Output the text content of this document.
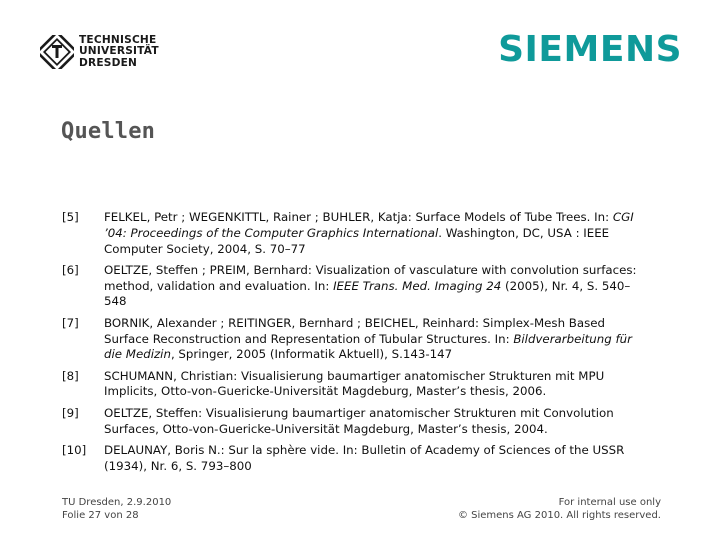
TECHNISCHE
UNIVERSITÄT
DRESDEN	SIEMENS
Quellen
[5]	FELKEL, Petr ; WEGENKITTL, Rainer ; BUHLER, Katja: Surface Models of Tube Trees. In: CGI ’04: Proceedings of the Computer Graphics International. Washington, DC, USA : IEEE Computer Society, 2004, S. 70–77
[6]	OELTZE, Steffen ; PREIM, Bernhard: Visualization of vasculature with convolution surfaces: method, validation and evaluation. In: IEEE Trans. Med. Imaging 24 (2005), Nr. 4, S. 540–548
[7]	BORNIK, Alexander ; REITINGER, Bernhard ; BEICHEL, Reinhard: Simplex-Mesh Based Surface Reconstruction and Representation of Tubular Structures. In: Bildverarbeitung für die Medizin, Springer, 2005 (Informatik Aktuell), S.143-147
[8]	SCHUMANN, Christian: Visualisierung baumartiger anatomischer Strukturen mit MPU Implicits, Otto-von-Guericke-Universität Magdeburg, Master’s thesis, 2006.
[9]	OELTZE, Steffen: Visualisierung baumartiger anatomischer Strukturen mit Convolution Surfaces, Otto-von-Guericke-Universität Magdeburg, Master’s thesis, 2004.
[10]	DELAUNAY, Boris N.: Sur la sphère vide. In: Bulletin of Academy of Sciences of the USSR (1934), Nr. 6, S. 793–800
TU Dresden, 2.9.2010
Folie 27 von 28
For internal use only
© Siemens AG 2010. All rights reserved.
